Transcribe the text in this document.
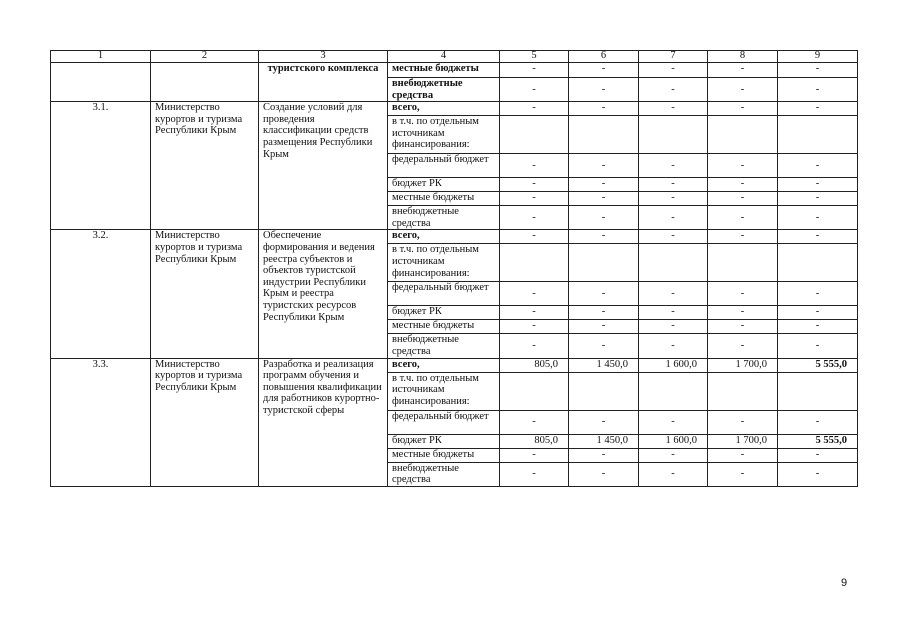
1	2	3	4	5	6	7	8	9
		туристского комплекса	местные бюджеты	-	-	-	-	-
			внебюджетные средства	-	-	-	-	-
3.1.	Министерство курортов и туризма Республики Крым	Создание условий для проведения классификации средств размещения Республики Крым	всего,	-	-	-	-	-
			в т.ч. по отдельным источникам финансирования:					
			федеральный бюджет	-	-	-	-	-
			бюджет РК	-	-	-	-	-
			местные бюджеты	-	-	-	-	-
			внебюджетные средства	-	-	-	-	-
3.2.	Министерство курортов и туризма Республики Крым	Обеспечение формирования и ведения реестра субъектов и объектов туристской индустрии Республики Крым и реестра туристских ресурсов Республики Крым	всего,	-	-	-	-	-
			в т.ч. по отдельным источникам финансирования:					
			федеральный бюджет	-	-	-	-	-
			бюджет РК	-	-	-	-	-
			местные бюджеты	-	-	-	-	-
			внебюджетные средства	-	-	-	-	-
3.3.	Министерство курортов и туризма Республики Крым	Разработка и реализация программ обучения и повышения квалификации для работников курортно-туристской сферы	всего,	805,0	1 450,0	1 600,0	1 700,0	5 555,0
			в т.ч. по отдельным источникам финансирования:					
			федеральный бюджет	-	-	-	-	-
			бюджет РК	805,0	1 450,0	1 600,0	1 700,0	5 555,0
			местные бюджеты	-	-	-	-	-
			внебюджетные средства	-	-	-	-	-
9
